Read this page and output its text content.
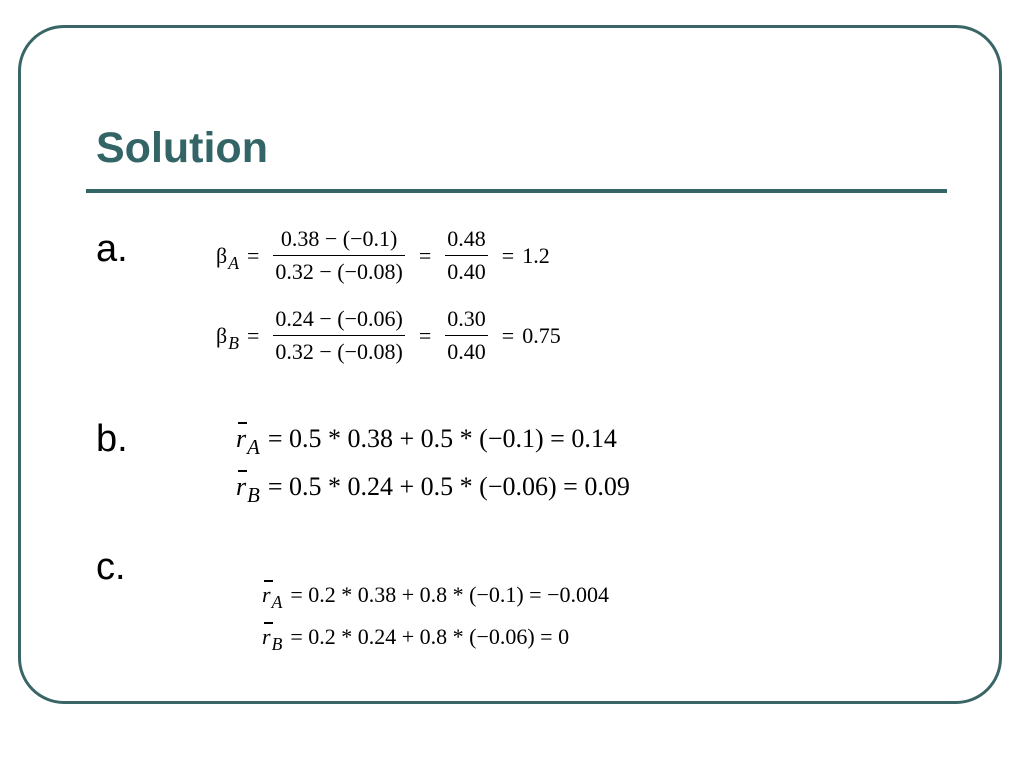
Solution
a.	β $A = \frac{0.38 - (-0.1)}{0.32 - (-0.08)} = \frac{0.48}{0.40} = 1.2$
β $B = \frac{0.24 - (-0.06)}{0.32 - (-0.08)} = \frac{0.30}{0.40} = 0.75$
b.	r A = 0.5 * 0.38 + 0.5 * (−0.1) = 0.14
r B = 0.5 * 0.24 + 0.5 * (−0.06) = 0.09
c.
r A = 0.2 * 0.38 + 0.8 * (−0.1) = −0.004
r B = 0.2 * 0.24 + 0.8 * (−0.06) = 0
